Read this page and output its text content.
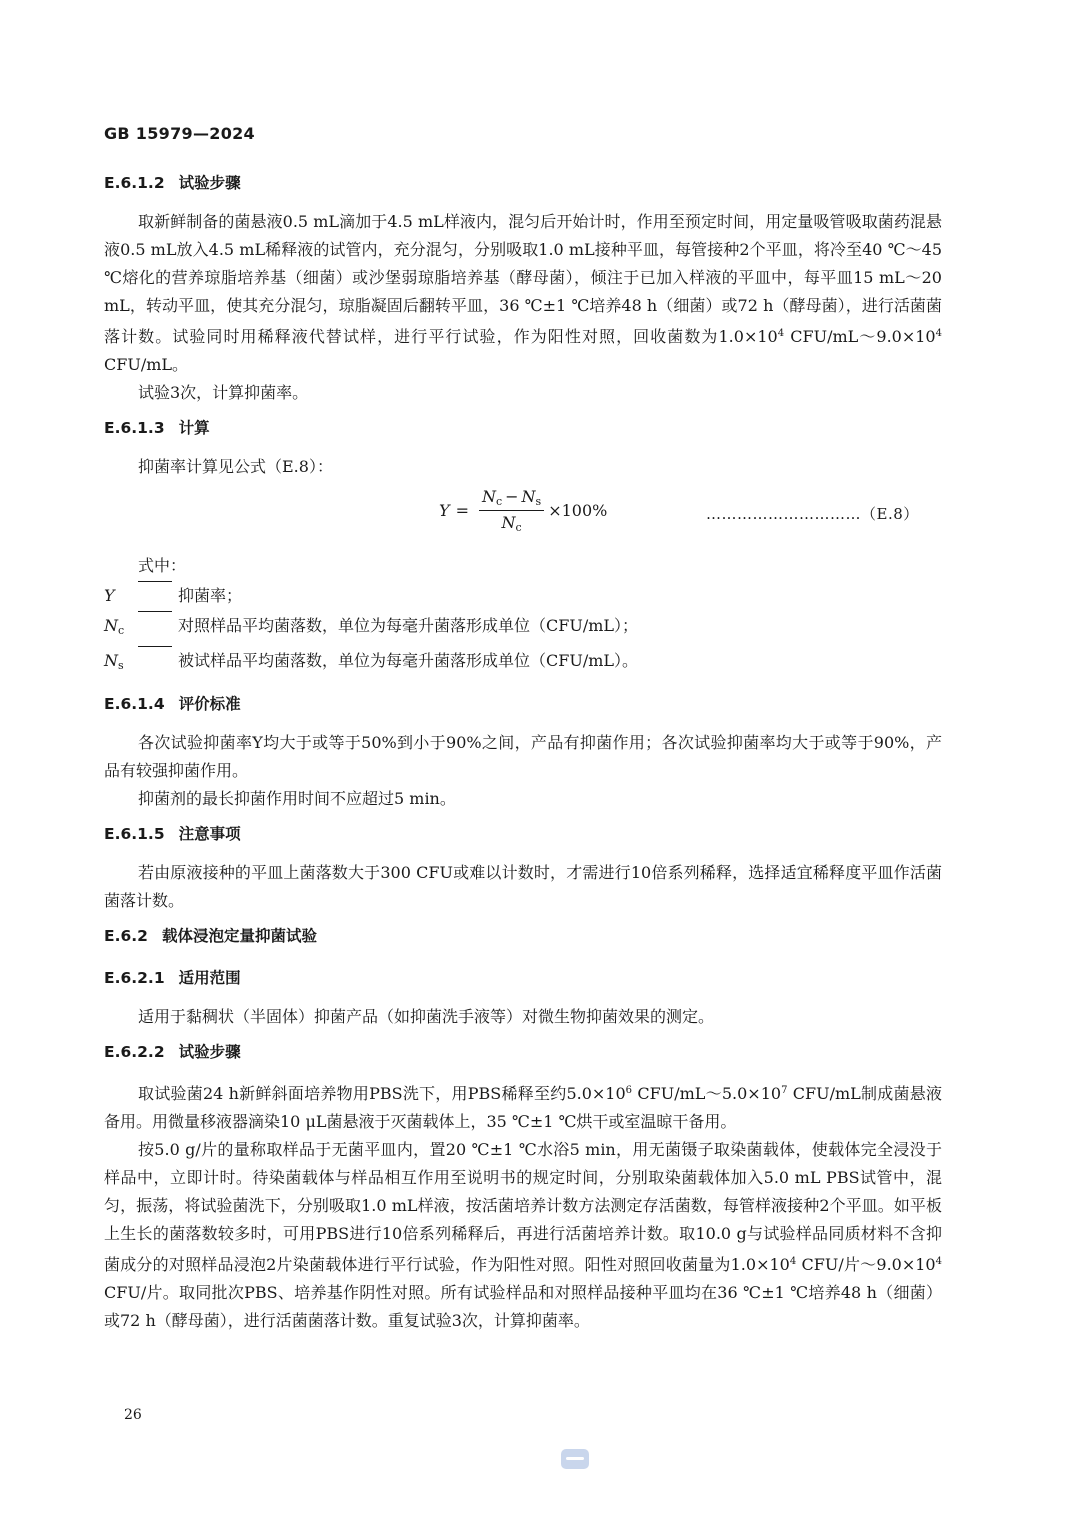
GB 15979—2024
E.6.1.2 试验步骤

取新鲜制备的菌悬液0.5 mL滴加于4.5 mL样液内，混匀后开始计时，作用至预定时间，用定量吸管吸取菌药混悬液0.5 mL放入4.5 mL稀释液的试管内，充分混匀，分别吸取1.0 mL接种平皿，每管接种2个平皿，将冷至40 ℃～45 ℃熔化的营养琼脂培养基（细菌）或沙堡弱琼脂培养基（酵母菌），倾注于已加入样液的平皿中，每平皿15 mL～20 mL，转动平皿，使其充分混匀，琼脂凝固后翻转平皿，36 ℃±1 ℃培养48 h（细菌）或72 h（酵母菌），进行活菌菌落计数。试验同时用稀释液代替试样，进行平行试验，作为阳性对照，回收菌数为$1.0\times 10^4$ CFU/$mL\sim 9.0\times 10^4$ CFU/mL。

试验3次，计算抑菌率。

E.6.1.3 计算

抑菌率计算见公式（E.8）：

$Y = \frac{N_c - N_s}{N_c} \times 100\%$	…………………………（E.8）
式中：
Y	抑菌率；
$N_c$	对照样品平均菌落数，单位为每毫升菌落形成单位（CFU/mL）；
$N_s$	被试样品平均菌落数，单位为每毫升菌落形成单位（CFU/mL）。
E.6.1.4 评价标准

各次试验抑菌率Y均大于或等于50%到小于90%之间，产品有抑菌作用；各次试验抑菌率均大于或等于90%，产品有较强抑菌作用。

抑菌剂的最长抑菌作用时间不应超过5 min。

E.6.1.5 注意事项

若由原液接种的平皿上菌落数大于300 CFU或难以计数时，才需进行10倍系列稀释，选择适宜稀释度平皿作活菌菌落计数。

E.6.2 载体浸泡定量抑菌试验
E.6.2.1 适用范围

适用于黏稠状（半固体）抑菌产品（如抑菌洗手液等）对微生物抑菌效果的测定。

E.6.2.2 试验步骤

取试验菌24 h新鲜斜面培养物用PBS洗下，用PBS稀释至约$5.0\times 10^6$ CFU/$mL\sim 5.0\times 10^7$ CFU/mL制成菌悬液备用。用微量移液器滴染10 μL菌悬液于灭菌载体上，35 ℃±1 ℃烘干或室温晾干备用。

按5.0 g/片的量称取样品于无菌平皿内，置20 ℃±1 ℃水浴5 min，用无菌镊子取染菌载体，使载体完全浸没于样品中，立即计时。待染菌载体与样品相互作用至说明书的规定时间，分别取染菌载体加入5.0 mL PBS试管中，混匀，振荡，将试验菌洗下，分别吸取1.0 mL样液，按活菌培养计数方法测定存活菌数，每管样液接种2个平皿。如平板上生长的菌落数较多时，可用PBS进行10倍系列稀释后，再进行活菌培养计数。取10.0 g与试验样品同质材料不含抑菌成分的对照样品浸泡2片染菌载体进行平行试验，作为阳性对照。阳性对照回收菌量为$1.0\times 10^4$ CFU/片$\sim 9.0\times 10^4$ CFU/片。取同批次PBS、培养基作阴性对照。所有试验样品和对照样品接种平皿均在36 ℃±1 ℃培养48 h（细菌）或72 h（酵母菌），进行活菌菌落计数。重复试验3次，计算抑菌率。

26
